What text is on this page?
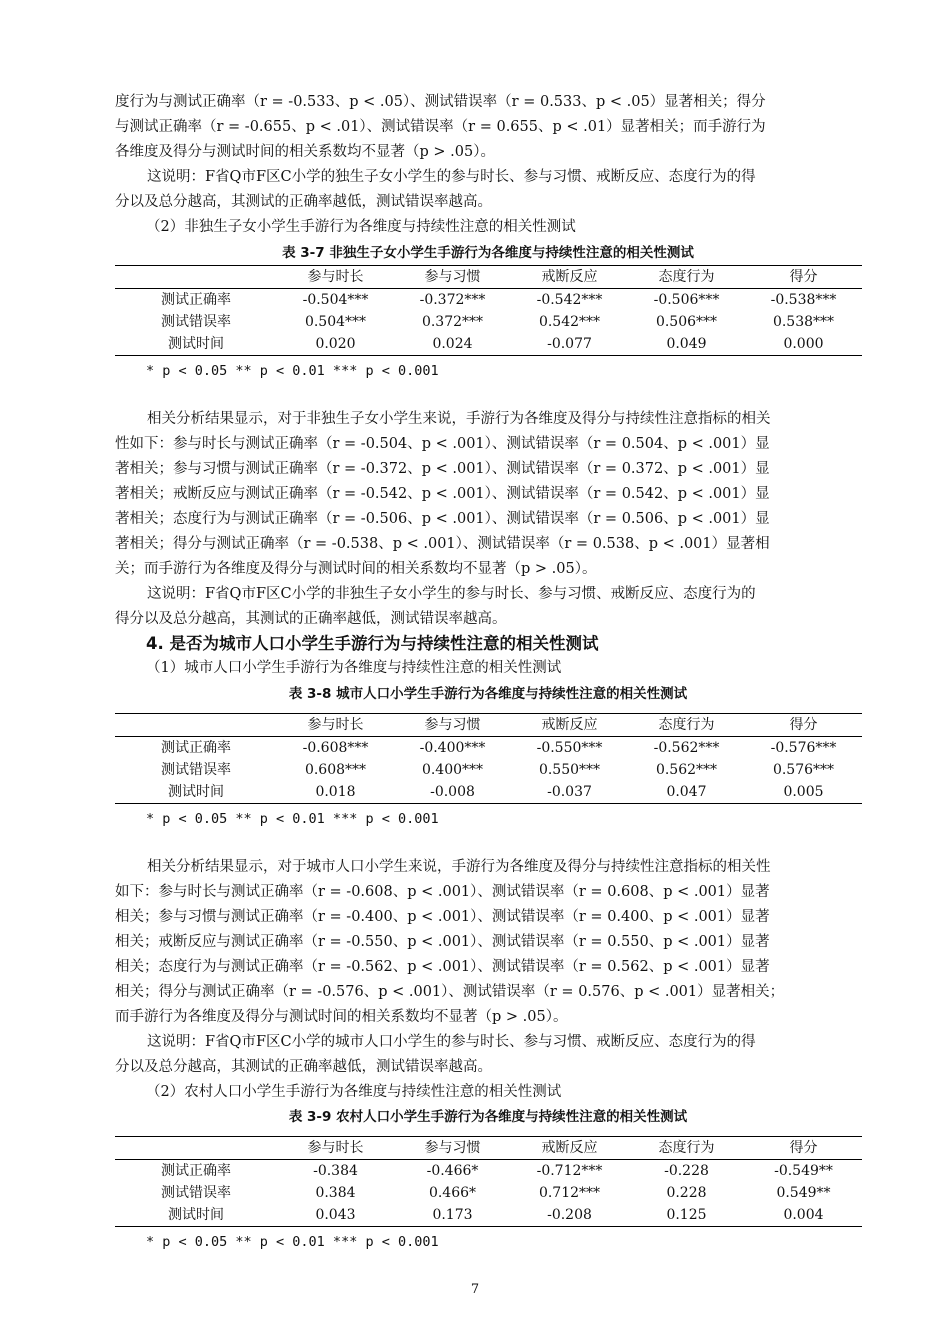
度行为与测试正确率（r = -0.533、p < .05）、测试错误率（r = 0.533、p < .05）显著相关；得分
与测试正确率（r = -0.655、p < .01）、测试错误率（r = 0.655、p < .01）显著相关；而手游行为
各维度及得分与测试时间的相关系数均不显著（p > .05）。
这说明：F省Q市F区C小学的独生子女小学生的参与时长、参与习惯、戒断反应、态度行为的得
分以及总分越高，其测试的正确率越低，测试错误率越高。

（2）非独生子女小学生手游行为各维度与持续性注意的相关性测试

表 3-7 非独生子女小学生手游行为各维度与持续性注意的相关性测试

	参与时长	参与习惯	戒断反应	态度行为	得分
测试正确率	-0.504***	-0.372***	-0.542***	-0.506***	-0.538***
测试错误率	0.504***	0.372***	0.542***	0.506***	0.538***
测试时间	0.020	0.024	-0.077	0.049	0.000

* p < 0.05 ** p < 0.01 *** p < 0.001

相关分析结果显示，对于非独生子女小学生来说，手游行为各维度及得分与持续性注意指标的相关
性如下：参与时长与测试正确率（r = -0.504、p < .001）、测试错误率（r = 0.504、p < .001）显
著相关；参与习惯与测试正确率（r = -0.372、p < .001）、测试错误率（r = 0.372、p < .001）显
著相关；戒断反应与测试正确率（r = -0.542、p < .001）、测试错误率（r = 0.542、p < .001）显
著相关；态度行为与测试正确率（r = -0.506、p < .001）、测试错误率（r = 0.506、p < .001）显
著相关；得分与测试正确率（r = -0.538、p < .001）、测试错误率（r = 0.538、p < .001）显著相
关；而手游行为各维度及得分与测试时间的相关系数均不显著（p > .05）。
这说明：F省Q市F区C小学的非独生子女小学生的参与时长、参与习惯、戒断反应、态度行为的
得分以及总分越高，其测试的正确率越低，测试错误率越高。

4. 是否为城市人口小学生手游行为与持续性注意的相关性测试

（1）城市人口小学生手游行为各维度与持续性注意的相关性测试

表 3-8 城市人口小学生手游行为各维度与持续性注意的相关性测试

	参与时长	参与习惯	戒断反应	态度行为	得分
测试正确率	-0.608***	-0.400***	-0.550***	-0.562***	-0.576***
测试错误率	0.608***	0.400***	0.550***	0.562***	0.576***
测试时间	0.018	-0.008	-0.037	0.047	0.005

* p < 0.05 ** p < 0.01 *** p < 0.001

相关分析结果显示，对于城市人口小学生来说，手游行为各维度及得分与持续性注意指标的相关性
如下：参与时长与测试正确率（r = -0.608、p < .001）、测试错误率（r = 0.608、p < .001）显著
相关；参与习惯与测试正确率（r = -0.400、p < .001）、测试错误率（r = 0.400、p < .001）显著
相关；戒断反应与测试正确率（r = -0.550、p < .001）、测试错误率（r = 0.550、p < .001）显著
相关；态度行为与测试正确率（r = -0.562、p < .001）、测试错误率（r = 0.562、p < .001）显著
相关；得分与测试正确率（r = -0.576、p < .001）、测试错误率（r = 0.576、p < .001）显著相关；
而手游行为各维度及得分与测试时间的相关系数均不显著（p > .05）。
这说明：F省Q市F区C小学的城市人口小学生的参与时长、参与习惯、戒断反应、态度行为的得
分以及总分越高，其测试的正确率越低，测试错误率越高。

（2）农村人口小学生手游行为各维度与持续性注意的相关性测试

表 3-9 农村人口小学生手游行为各维度与持续性注意的相关性测试

	参与时长	参与习惯	戒断反应	态度行为	得分
测试正确率	-0.384	-0.466*	-0.712***	-0.228	-0.549**
测试错误率	0.384	0.466*	0.712***	0.228	0.549**
测试时间	0.043	0.173	-0.208	0.125	0.004

* p < 0.05 ** p < 0.01 *** p < 0.001

7
